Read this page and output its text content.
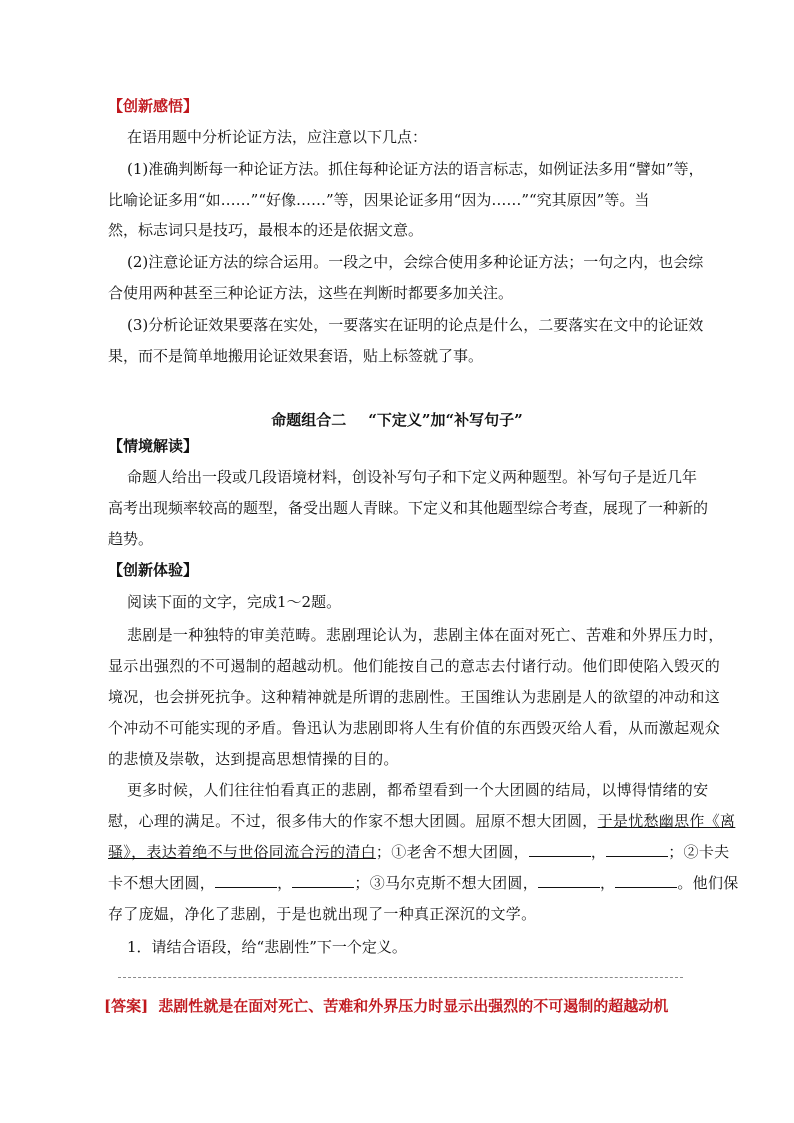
【创新感悟】
在语用题中分析论证方法，应注意以下几点：
(1)准确判断每一种论证方法。抓住每种论证方法的语言标志，如例证法多用“譬如”等，
比喻论证多用“如……”“好像……”等，因果论证多用“因为……”“究其原因”等。当
然，标志词只是技巧，最根本的还是依据文意。
(2)注意论证方法的综合运用。一段之中，会综合使用多种论证方法；一句之内，也会综
合使用两种甚至三种论证方法，这些在判断时都要多加关注。
(3)分析论证效果要落在实处，一要落实在证明的论点是什么，二要落实在文中的论证效
果，而不是简单地搬用论证效果套语，贴上标签就了事。
命题组合二 “下定义”加“补写句子”
【情境解读】
命题人给出一段或几段语境材料，创设补写句子和下定义两种题型。补写句子是近几年
高考出现频率较高的题型，备受出题人青睐。下定义和其他题型综合考查，展现了一种新的
趋势。
【创新体验】
阅读下面的文字，完成1～2题。
悲剧是一种独特的审美范畴。悲剧理论认为，悲剧主体在面对死亡、苦难和外界压力时，
显示出强烈的不可遏制的超越动机。他们能按自己的意志去付诸行动。他们即使陷入毁灭的
境况，也会拼死抗争。这种精神就是所谓的悲剧性。王国维认为悲剧是人的欲望的冲动和这
个冲动不可能实现的矛盾。鲁迅认为悲剧即将人生有价值的东西毁灭给人看，从而激起观众
的悲愤及崇敬，达到提高思想情操的目的。
更多时候，人们往往怕看真正的悲剧，都希望看到一个大团圆的结局，以博得情绪的安
慰，心理的满足。不过，很多伟大的作家不想大团圆。屈原不想大团圆，于是忧愁幽思作《离
骚》，表达着绝不与世俗同流合污的清白；①老舍不想大团圆，	，	；②卡夫
卡不想大团圆，	，	；③马尔克斯不想大团圆，	，	。他们保
存了庞媪，净化了悲剧，于是也就出现了一种真正深沉的文学。
1．请结合语段，给“悲剧性”下一个定义。
[答案] 悲剧性就是在面对死亡、苦难和外界压力时显示出强烈的不可遏制的超越动机
